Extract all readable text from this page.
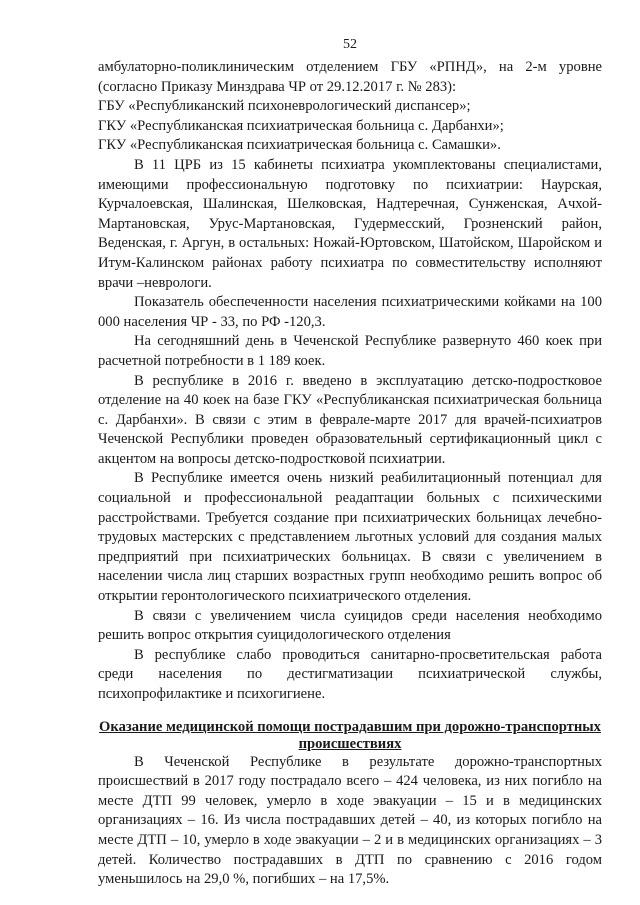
52

амбулаторно-поликлиническим отделением ГБУ «РПНД», на 2-м уровне (согласно Приказу Минздрава ЧР от 29.12.2017 г. № 283):

ГБУ «Республиканский психоневрологический диспансер»;

ГКУ «Республиканская психиатрическая больница с. Дарбанхи»;

ГКУ «Республиканская психиатрическая больница с. Самашки».

В 11 ЦРБ из 15 кабинеты психиатра укомплектованы специалистами, имеющими профессиональную подготовку по психиатрии: Наурская, Курчалоевская, Шалинская, Шелковская, Надтеречная, Сунженская, Ачхой-Мартановская, Урус-Мартановская, Гудермесский, Грозненский район, Веденская, г. Аргун, в остальных: Ножай-Юртовском, Шатойском, Шаройском и Итум-Калинском районах работу психиатра по совместительству исполняют врачи –неврологи.

Показатель обеспеченности населения психиатрическими койками на 100 000 населения ЧР - 33, по РФ -120,3.

На сегодняшний день в Чеченской Республике развернуто 460 коек при расчетной потребности в 1 189 коек.

В республике в 2016 г. введено в эксплуатацию детско-подростковое отделение на 40 коек на базе ГКУ «Республиканская психиатрическая больница с. Дарбанхи». В связи с этим в феврале-марте 2017 для врачей-психиатров Чеченской Республики проведен образовательный сертификационный цикл с акцентом на вопросы детско-подростковой психиатрии.

В Республике имеется очень низкий реабилитационный потенциал для социальной и профессиональной реадаптации больных с психическими расстройствами. Требуется создание при психиатрических больницах лечебно-трудовых мастерских с представлением льготных условий для создания малых предприятий при психиатрических больницах. В связи с увеличением в населении числа лиц старших возрастных групп необходимо решить вопрос об открытии геронтологического психиатрического отделения.

В связи с увеличением числа суицидов среди населения необходимо решить вопрос открытия суицидологического отделения

В республике слабо проводиться санитарно-просветительская работа среди населения по дестигматизации психиатрической службы, психопрофилактике и психогигиене.

Оказание медицинской помощи пострадавшим при дорожно-транспортных происшествиях

В Чеченской Республике в результате дорожно-транспортных происшествий в 2017 году пострадало всего – 424 человека, из них погибло на месте ДТП 99 человек, умерло в ходе эвакуации – 15 и в медицинских организациях – 16. Из числа пострадавших детей – 40, из которых погибло на месте ДТП – 10, умерло в ходе эвакуации – 2 и в медицинских организациях – 3 детей. Количество пострадавших в ДТП по сравнению с 2016 годом уменьшилось на 29,0 %, погибших – на 17,5%.
